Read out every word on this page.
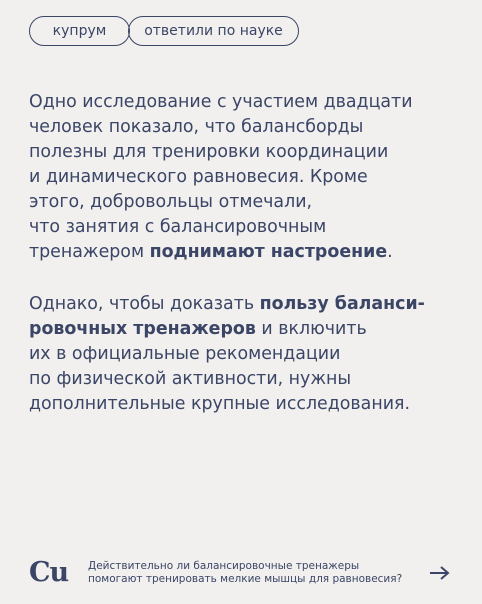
купрум	ответили по науке

Одно исследование с участием двадцати
человек показало, что балансборды
полезны для тренировки координации
и динамического равновесия. Кроме
этого, добровольцы отмечали,
что занятия с балансировочным
тренажером поднимают настроение.

Однако, чтобы доказать пользу баланси-
ровочных тренажеров и включить
их в официальные рекомендации
по физической активности, нужны
дополнительные крупные исследования.

Cu Действительно ли балансировочные тренажеры
помогают тренировать мелкие мышцы для равновесия?
